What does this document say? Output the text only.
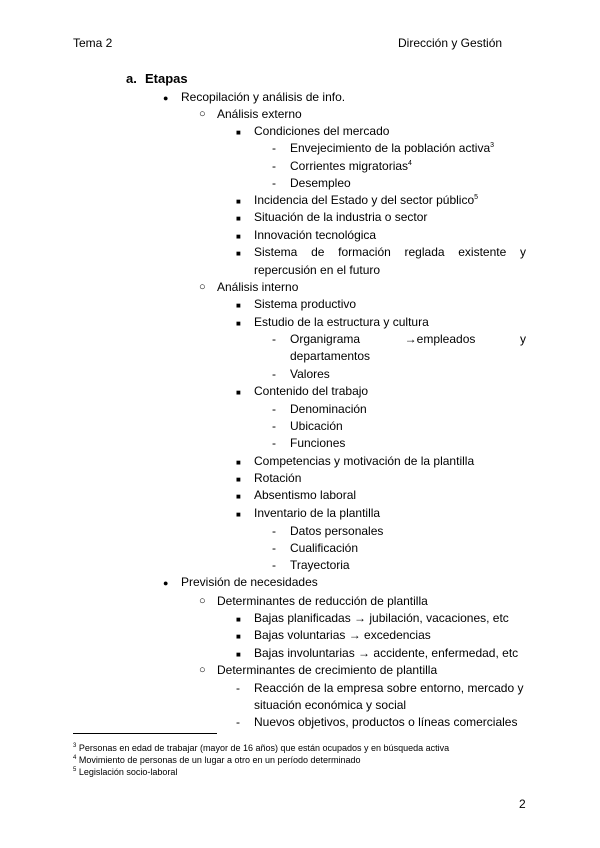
Tema 2	Dirección y Gestión
a. Etapas
● Recopilación y análisis de info.
○ Análisis externo
■ Condiciones del mercado
- Envejecimiento de la población activa$^3$
- Corrientes migratorias$^4$
- Desempleo
■ Incidencia del Estado y del sector público$^5$
■ Situación de la industria o sector
■ Innovación tecnológica
■ Sistema de formación reglada existente y
repercusión en el futuro
○ Análisis interno
■ Sistema productivo
■ Estudio de la estructura y cultura
- Organigrama	→empleados	y
departamentos
- Valores
■ Contenido del trabajo
- Denominación
- Ubicación
- Funciones
■ Competencias y motivación de la plantilla
■ Rotación
■ Absentismo laboral
■ Inventario de la plantilla
- Datos personales
- Cualificación
- Trayectoria
● Previsión de necesidades
○ Determinantes de reducción de plantilla
■ Bajas planificadas → jubilación, vacaciones, etc
■ Bajas voluntarias → excedencias
■ Bajas involuntarias → accidente, enfermedad, etc
○ Determinantes de crecimiento de plantilla
- Reacción de la empresa sobre entorno, mercado y
situación económica y social
- Nuevos objetivos, productos o líneas comerciales
$^3$ Personas en edad de trabajar (mayor de 16 años) que están ocupados y en búsqueda activa
$^4$ Movimiento de personas de un lugar a otro en un período determinado
$^5$ Legislación socio-laboral
2
